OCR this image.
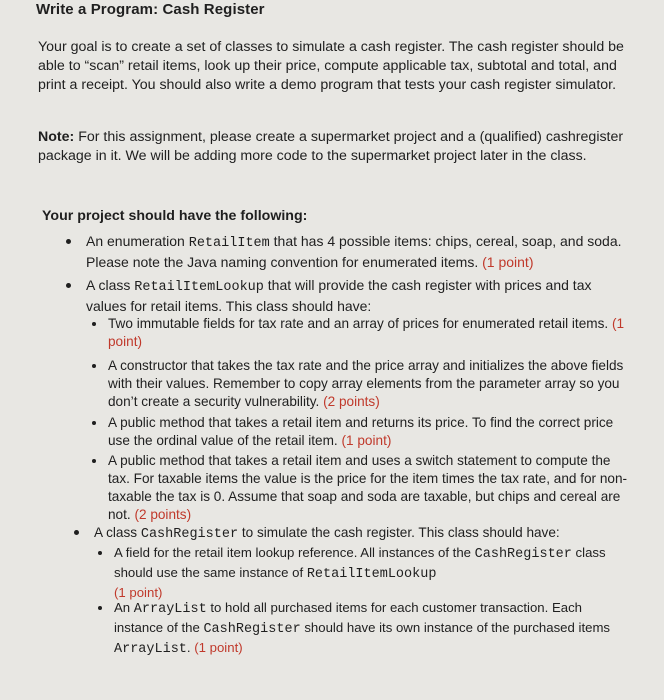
Write a Program: Cash Register
Your goal is to create a set of classes to simulate a cash register. The cash register should be able to “scan” retail items, look up their price, compute applicable tax, subtotal and total, and print a receipt. You should also write a demo program that tests your cash register simulator.
Note: For this assignment, please create a supermarket project and a (qualified) cashregister package in it. We will be adding more code to the supermarket project later in the class.
Your project should have the following:
An enumeration RetailItem that has 4 possible items: chips, cereal, soap, and soda. Please note the Java naming convention for enumerated items. (1 point)
A class RetailItemLookup that will provide the cash register with prices and tax values for retail items. This class should have:
Two immutable fields for tax rate and an array of prices for enumerated retail items. (1 point)
A constructor that takes the tax rate and the price array and initializes the above fields with their values. Remember to copy array elements from the parameter array so you don’t create a security vulnerability. (2 points)
A public method that takes a retail item and returns its price. To find the correct price use the ordinal value of the retail item. (1 point)
A public method that takes a retail item and uses a switch statement to compute the tax. For taxable items the value is the price for the item times the tax rate, and for non-taxable the tax is 0. Assume that soap and soda are taxable, but chips and cereal are not. (2 points)
A class CashRegister to simulate the cash register. This class should have:
A field for the retail item lookup reference. All instances of the CashRegister class should use the same instance of RetailItemLookup
(1 point)
An ArrayList to hold all purchased items for each customer transaction. Each instance of the CashRegister should have its own instance of the purchased items ArrayList. (1 point)
